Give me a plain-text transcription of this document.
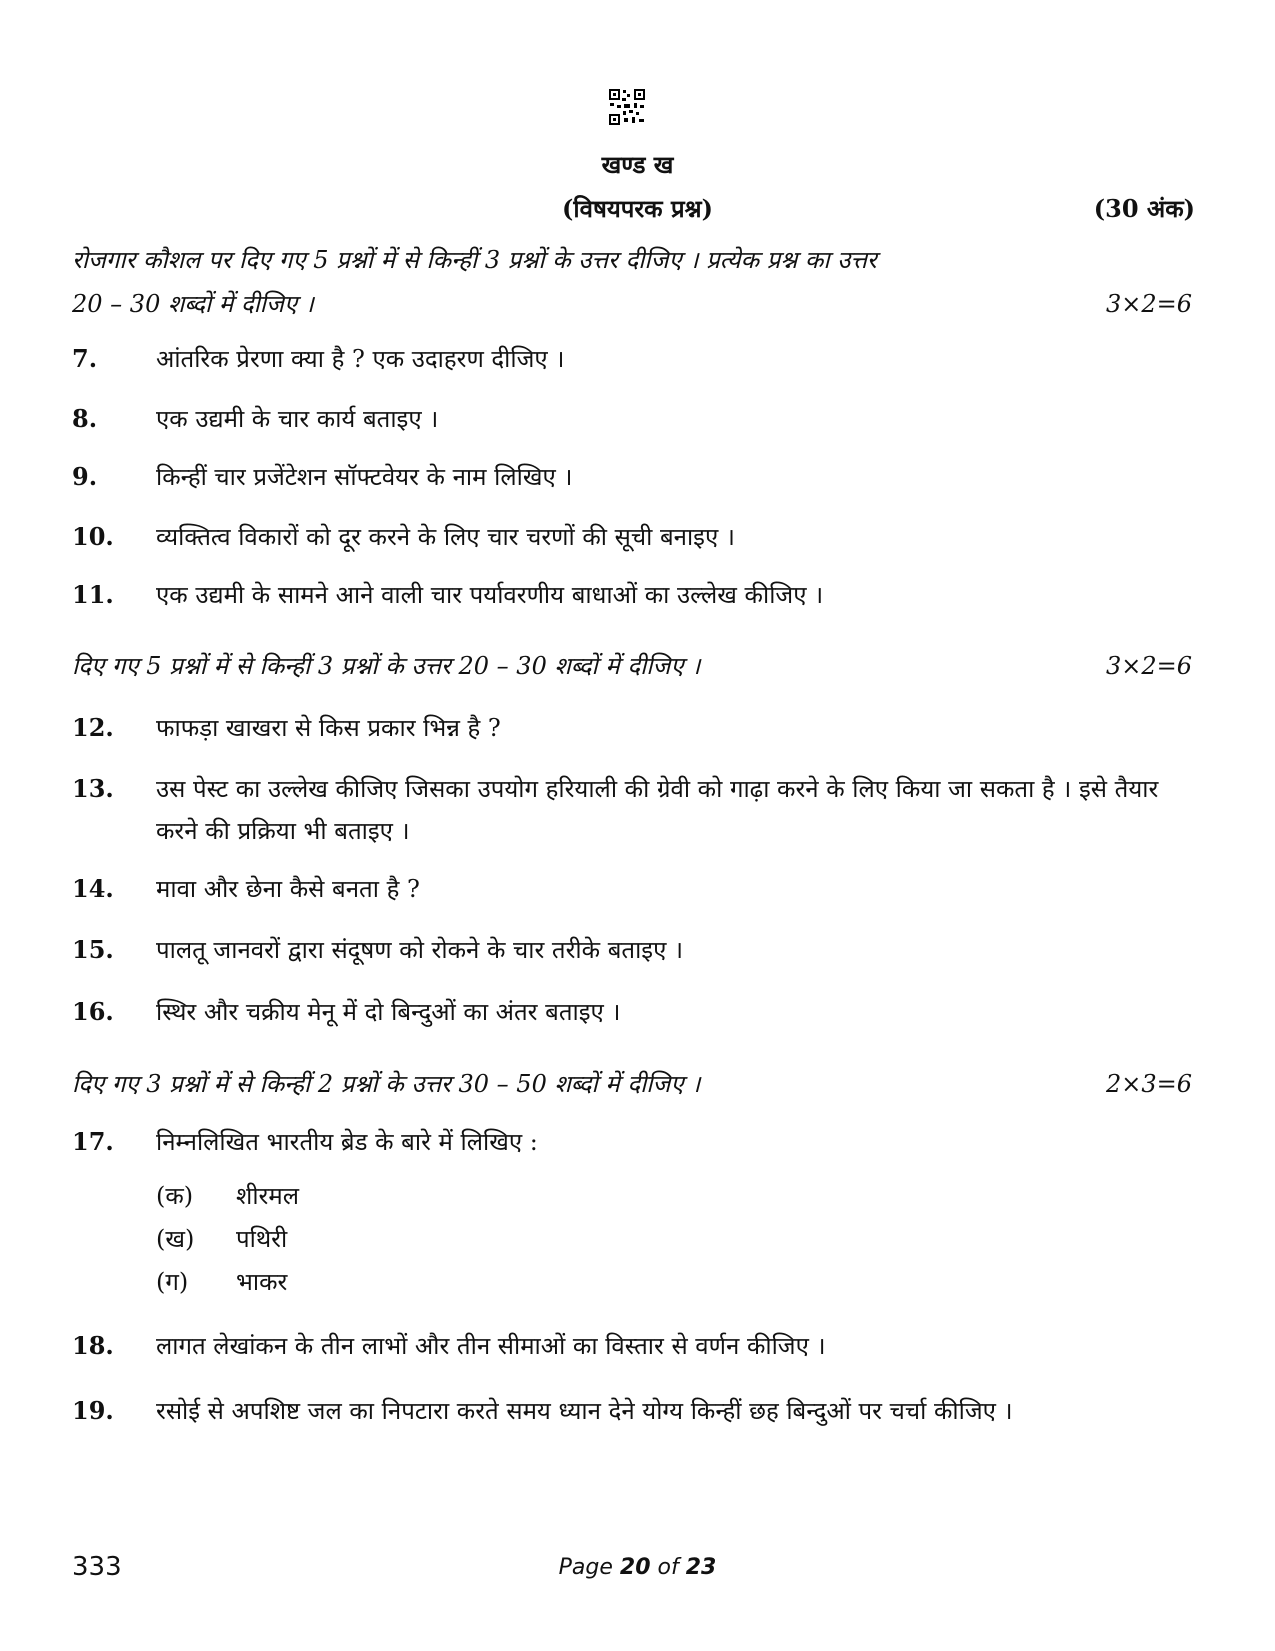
खण्ड ख
(विषयपरक प्रश्न)	(30 अंक)
रोजगार कौशल पर दिए गए 5 प्रश्नों में से किन्हीं 3 प्रश्नों के उत्तर दीजिए । प्रत्येक प्रश्न का उत्तर
20 – 30 शब्दों में दीजिए ।	3×2=6
7. आंतरिक प्रेरणा क्या है ? एक उदाहरण दीजिए ।
8. एक उद्यमी के चार कार्य बताइए ।
9. किन्हीं चार प्रजेंटेशन सॉफ्टवेयर के नाम लिखिए ।
10. व्यक्तित्व विकारों को दूर करने के लिए चार चरणों की सूची बनाइए ।
11. एक उद्यमी के सामने आने वाली चार पर्यावरणीय बाधाओं का उल्लेख कीजिए ।
दिए गए 5 प्रश्नों में से किन्हीं 3 प्रश्नों के उत्तर 20 – 30 शब्दों में दीजिए ।	3×2=6
12. फाफड़ा खाखरा से किस प्रकार भिन्न है ?
13. उस पेस्ट का उल्लेख कीजिए जिसका उपयोग हरियाली की ग्रेवी को गाढ़ा करने के लिए किया जा सकता है । इसे तैयार करने की प्रक्रिया भी बताइए ।
14. मावा और छेना कैसे बनता है ?
15. पालतू जानवरों द्वारा संदूषण को रोकने के चार तरीके बताइए ।
16. स्थिर और चक्रीय मेनू में दो बिन्दुओं का अंतर बताइए ।
दिए गए 3 प्रश्नों में से किन्हीं 2 प्रश्नों के उत्तर 30 – 50 शब्दों में दीजिए ।	2×3=6
17. निम्नलिखित भारतीय ब्रेड के बारे में लिखिए :
(क) शीरमल
(ख) पथिरी
(ग) भाकर
18. लागत लेखांकन के तीन लाभों और तीन सीमाओं का विस्तार से वर्णन कीजिए ।
19. रसोई से अपशिष्ट जल का निपटारा करते समय ध्यान देने योग्य किन्हीं छह बिन्दुओं पर चर्चा कीजिए ।
333	Page 20 of 23
